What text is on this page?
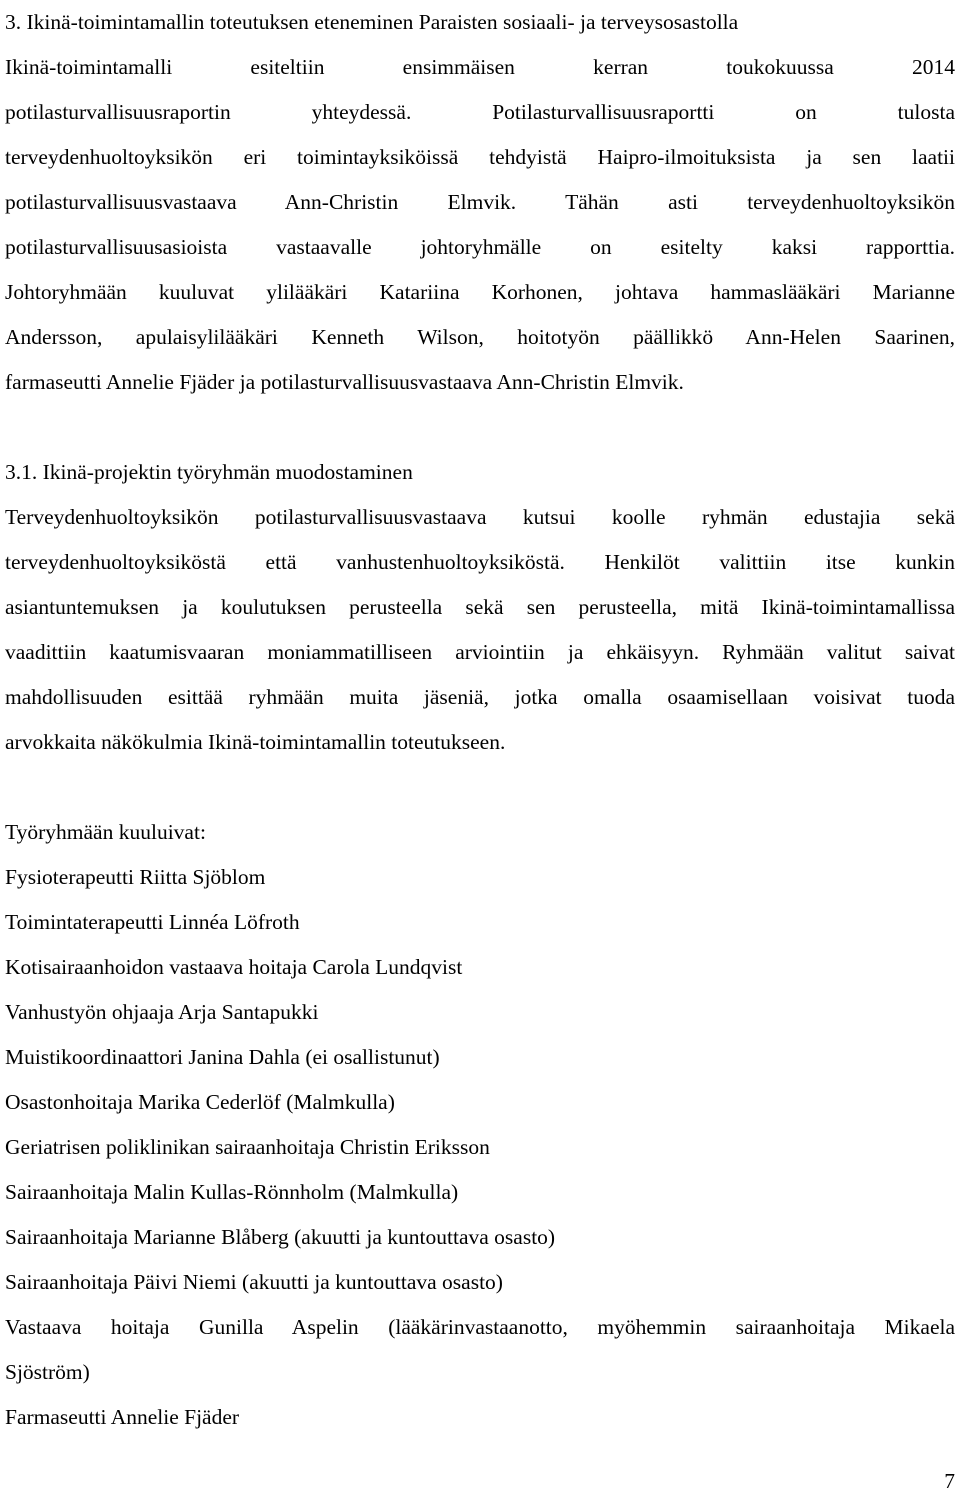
3. Ikinä-toimintamallin toteutuksen eteneminen Paraisten sosiaali- ja terveysosastolla
Ikinä-toimintamalli esiteltiin ensimmäisen kerran toukokuussa 2014
potilasturvallisuusraportin yhteydessä. Potilasturvallisuusraportti on tulosta
terveydenhuoltoyksikön eri toimintayksiköissä tehdyistä Haipro-ilmoituksista ja sen laatii
potilasturvallisuusvastaava Ann-Christin Elmvik. Tähän asti terveydenhuoltoyksikön
potilasturvallisuusasioista vastaavalle johtoryhmälle on esitelty kaksi rapporttia.
Johtoryhmään kuuluvat ylilääkäri Katariina Korhonen, johtava hammaslääkäri Marianne
Andersson, apulaisylilääkäri Kenneth Wilson, hoitotyön päällikkö Ann-Helen Saarinen,
farmaseutti Annelie Fjäder ja potilasturvallisuusvastaava Ann-Christin Elmvik.
3.1. Ikinä-projektin työryhmän muodostaminen
Terveydenhuoltoyksikön potilasturvallisuusvastaava kutsui koolle ryhmän edustajia sekä
terveydenhuoltoyksiköstä että vanhustenhuoltoyksiköstä. Henkilöt valittiin itse kunkin
asiantuntemuksen ja koulutuksen perusteella sekä sen perusteella, mitä Ikinä-toimintamallissa
vaadittiin kaatumisvaaran moniammatilliseen arviointiin ja ehkäisyyn. Ryhmään valitut saivat
mahdollisuuden esittää ryhmään muita jäseniä, jotka omalla osaamisellaan voisivat tuoda
arvokkaita näkökulmia Ikinä-toimintamallin toteutukseen.
Työryhmään kuuluivat:
Fysioterapeutti Riitta Sjöblom
Toimintaterapeutti Linnéa Löfroth
Kotisairaanhoidon vastaava hoitaja Carola Lundqvist
Vanhustyön ohjaaja Arja Santapukki
Muistikoordinaattori Janina Dahla (ei osallistunut)
Osastonhoitaja Marika Cederlöf (Malmkulla)
Geriatrisen poliklinikan sairaanhoitaja Christin Eriksson
Sairaanhoitaja Malin Kullas-Rönnholm (Malmkulla)
Sairaanhoitaja Marianne Blåberg (akuutti ja kuntouttava osasto)
Sairaanhoitaja Päivi Niemi (akuutti ja kuntouttava osasto)
Vastaava hoitaja Gunilla Aspelin (lääkärinvastaanotto, myöhemmin sairaanhoitaja Mikaela
Sjöström)
Farmaseutti Annelie Fjäder
7
